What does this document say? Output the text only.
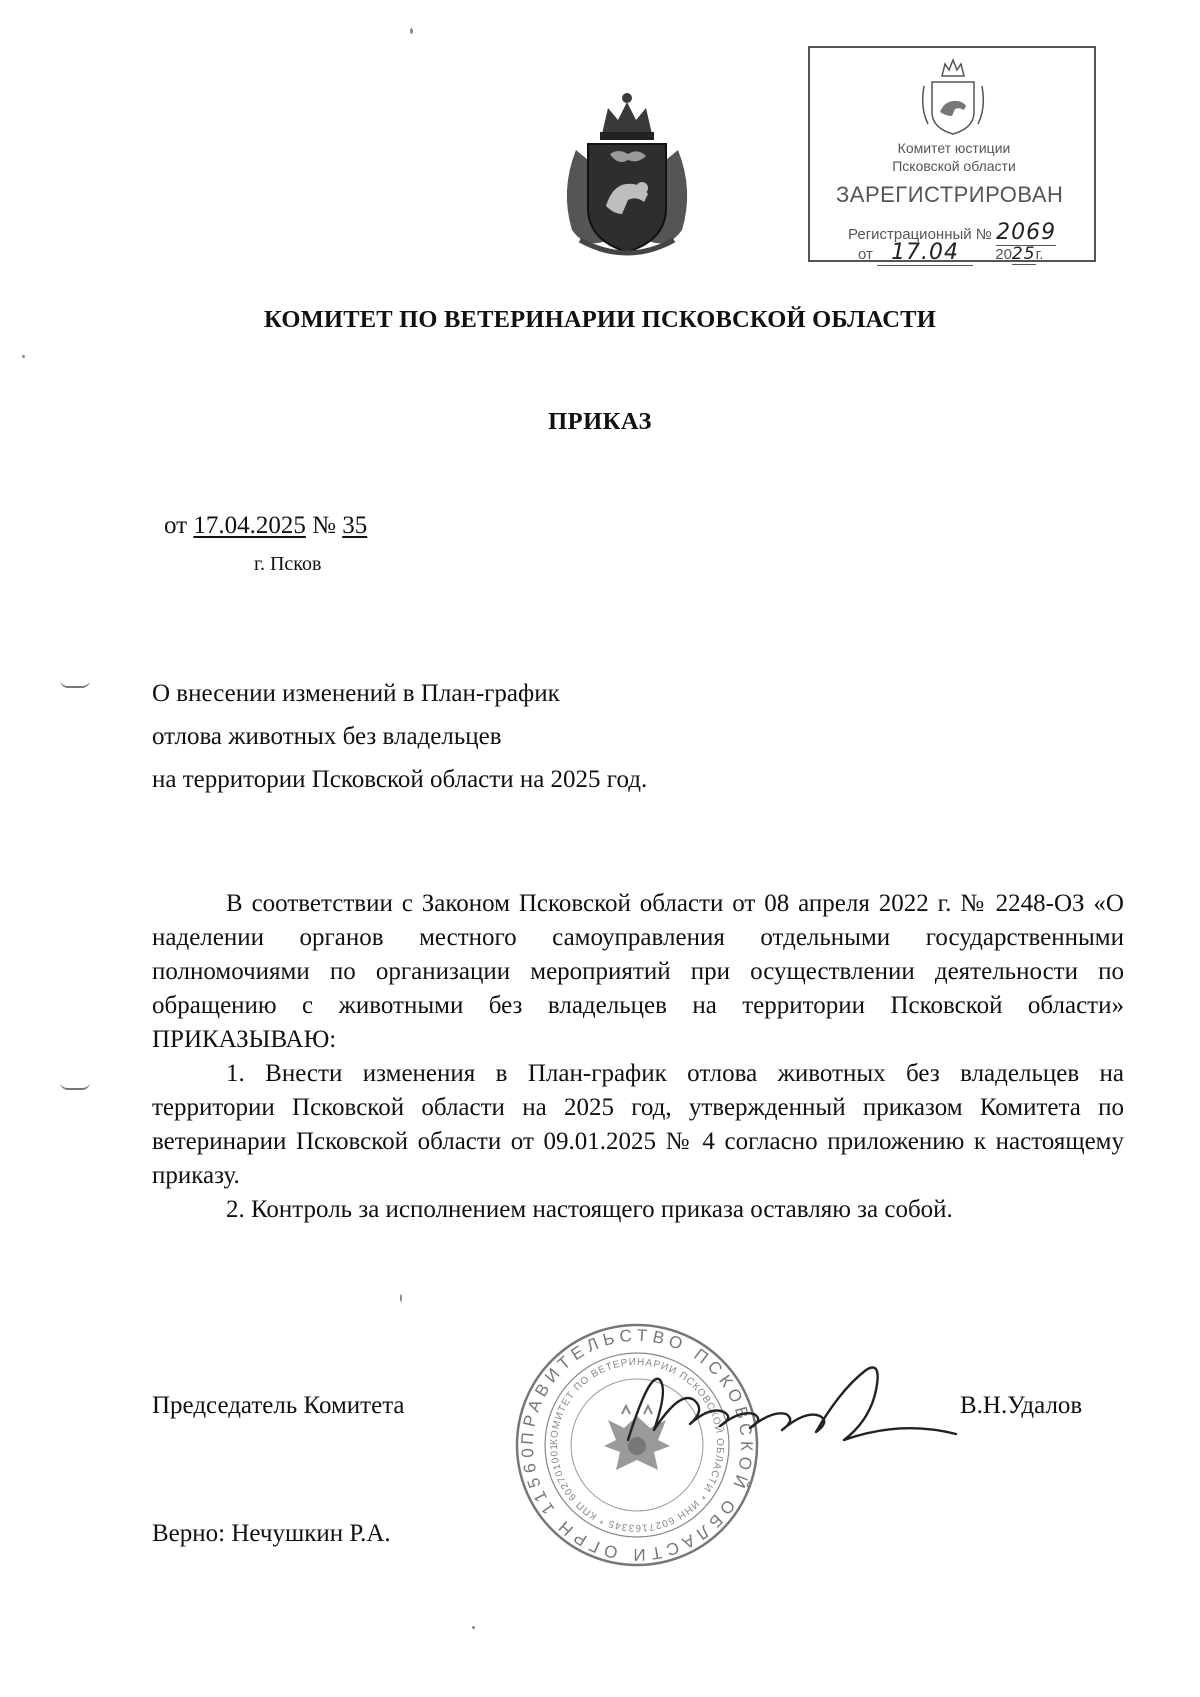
Комитет юстиции
Псковской области
ЗАРЕГИСТРИРОВАН
Регистрационный № 2069
от 17.04 2025г.
КОМИТЕТ ПО ВЕТЕРИНАРИИ ПСКОВСКОЙ ОБЛАСТИ
ПРИКАЗ
от 17.04.2025 № 35
г. Псков
О внесении изменений в План-график
отлова животных без владельцев
на территории Псковской области на 2025 год.

В соответствии с Законом Псковской области от 08 апреля 2022 г. № 2248-ОЗ «О наделении органов местного самоуправления отдельными государственными полномочиями по организации мероприятий при осуществлении деятельности по обращению с животными без владельцев на территории Псковской области» ПРИКАЗЫВАЮ:

1. Внести изменения в План-график отлова животных без владельцев на территории Псковской области на 2025 год, утвержденный приказом Комитета по ветеринарии Псковской области от 09.01.2025 № 4 согласно приложению к настоящему приказу.

2. Контроль за исполнением настоящего приказа оставляю за собой.

ПРАВИТЕЛЬСТВО ПСКОВСКОЙ ОБЛАСТИ ОГРН 11560
КОМИТЕТ ПО ВЕТЕРИНАРИИ ПСКОВСКОЙ ОБЛАСТИ * ИНН 6027163345 * КПП 602701001
Председатель Комитета	В.Н.Удалов
Верно: Нечушкин Р.А.
